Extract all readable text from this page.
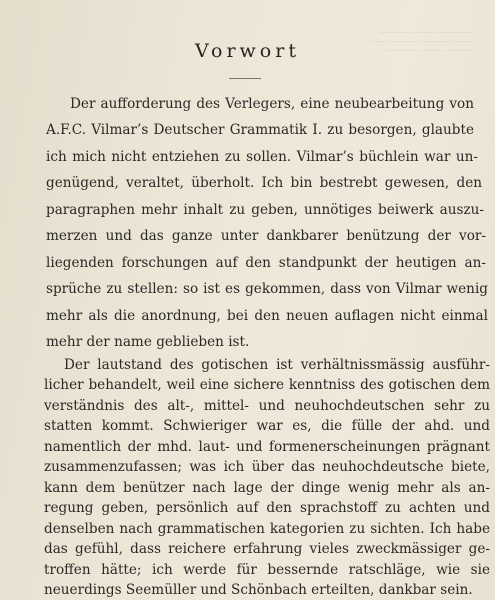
————— ———— ————
——— ———— ————— ——
———— ——— —————
Vorwort
Der aufforderung des Verlegers, eine neubearbeitung von
A.F.C. Vilmar’s Deutscher Grammatik I. zu besorgen, glaubte
ich mich nicht entziehen zu sollen. Vilmar’s büchlein war un-
genügend, veraltet, überholt. Ich bin bestrebt gewesen, den
paragraphen mehr inhalt zu geben, unnötiges beiwerk auszu-
merzen und das ganze unter dankbarer benützung der vor-
liegenden forschungen auf den standpunkt der heutigen an-
sprüche zu stellen: so ist es gekommen, dass von Vilmar wenig
mehr als die anordnung, bei den neuen auflagen nicht einmal
mehr der name geblieben ist.
Der lautstand des gotischen ist verhältnissmässig ausführ-
licher behandelt, weil eine sichere kenntniss des gotischen dem
verständnis des alt-, mittel- und neuhochdeutschen sehr zu
statten kommt. Schwieriger war es, die fülle der ahd. und
namentlich der mhd. laut- und formenerscheinungen prägnant
zusammenzufassen; was ich über das neuhochdeutsche biete,
kann dem benützer nach lage der dinge wenig mehr als an-
regung geben, persönlich auf den sprachstoff zu achten und
denselben nach grammatischen kategorien zu sichten. Ich habe
das gefühl, dass reichere erfahrung vieles zweckmässiger ge-
troffen hätte; ich werde für bessernde ratschläge, wie sie
neuerdings Seemüller und Schönbach erteilten, dankbar sein.
